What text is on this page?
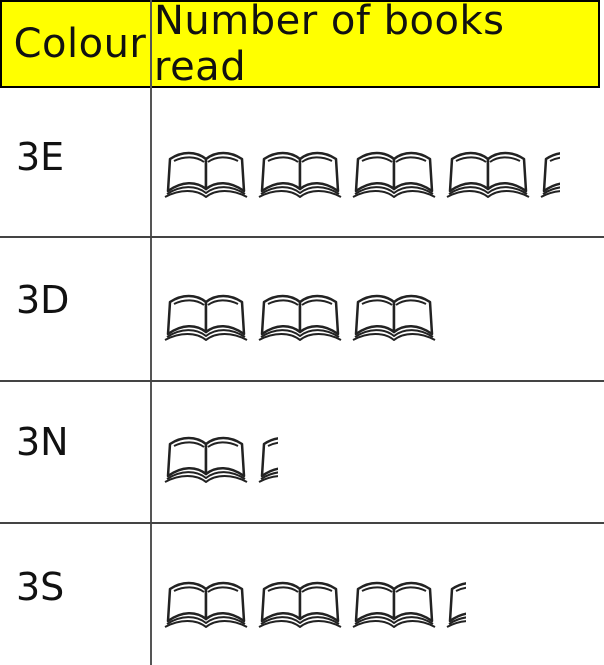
Colour Number of books read
3E
3D
3N
3S
